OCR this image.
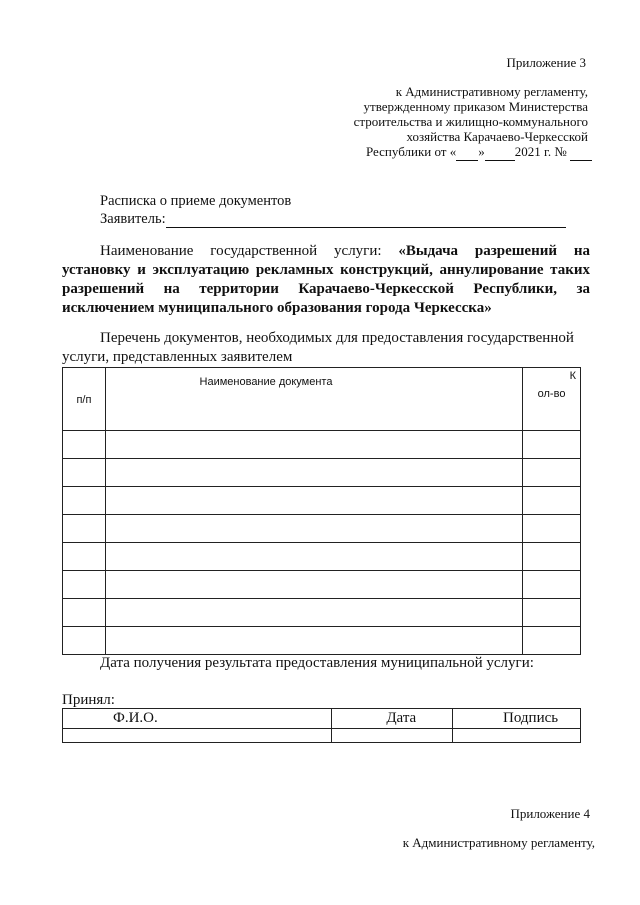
Приложение 3
к Административному регламенту,
утвержденному приказом Министерства
строительства и жилищно-коммунального
хозяйства Карачаево-Черкесской
Республики от « » 2021 г. №
Расписка о приеме документов
Заявитель:
Наименование государственной услуги: «Выдача разрешений на
установку и эксплуатацию рекламных конструкций, аннулирование таких
разрешений на территории Карачаево-Черкесской Республики, за
исключением муниципального образования города Черкесска»
Перечень документов, необходимых для предоставления государственной
услуги, представленных заявителем
п/п	$_{Наименование документа}$	К
ол-во

Дата получения результата предоставления муниципальной услуги:
Принял:
Ф.И.О.	Дата	Подпись

Приложение 4
к Административному регламенту,
